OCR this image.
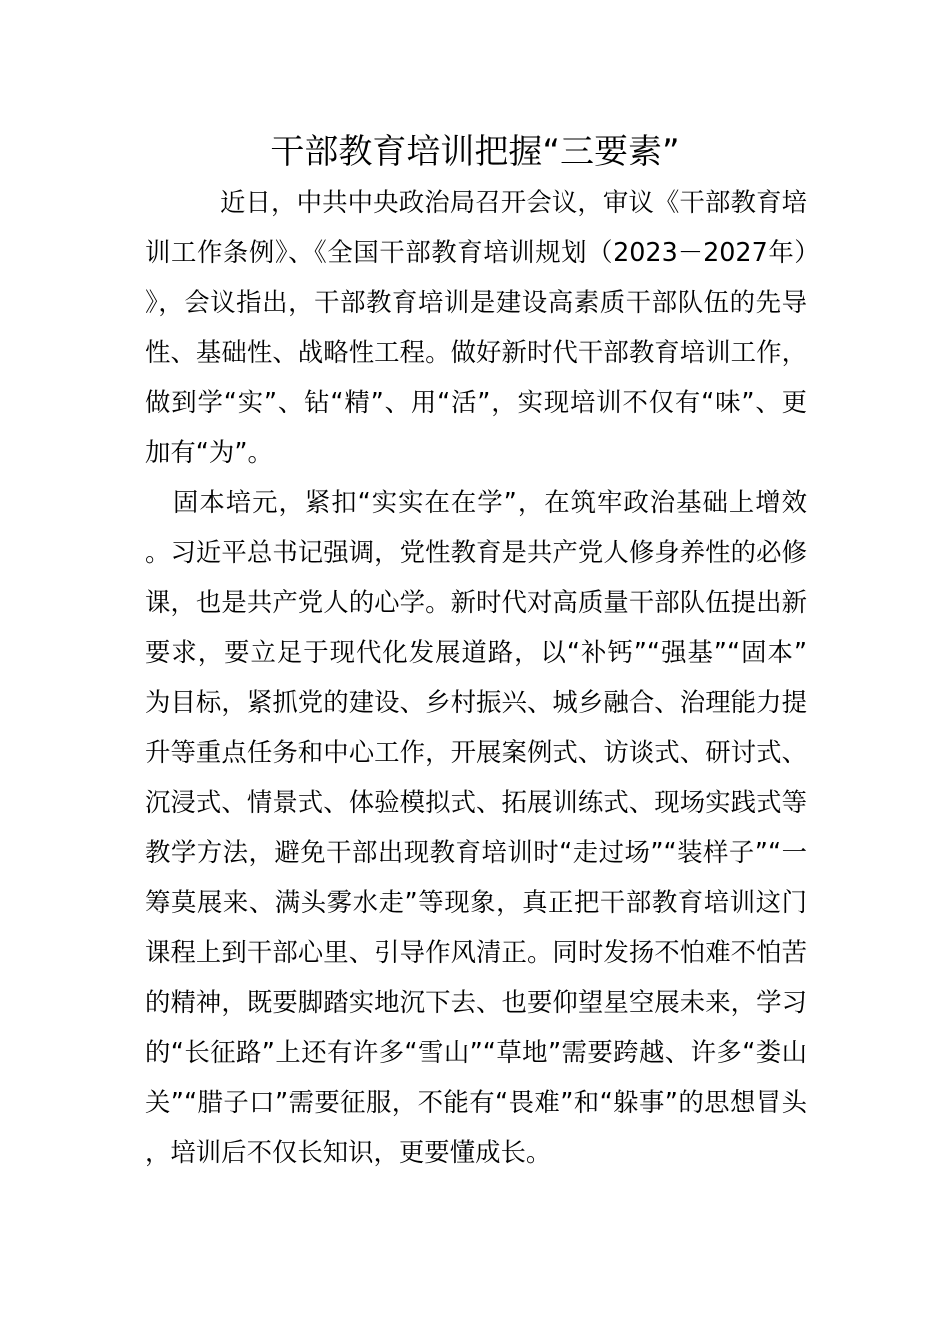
干部教育培训把握“三要素”

近日，中共中央政治局召开会议，审议《干部教育培训工作条例》、《全国干部教育培训规划（2023－2027年）》，会议指出，干部教育培训是建设高素质干部队伍的先导性、基础性、战略性工程。做好新时代干部教育培训工作，做到学“实”、钻“精”、用“活”，实现培训不仅有“味”、更加有“为”。

固本培元，紧扣“实实在在学”，在筑牢政治基础上增效。习近平总书记强调，党性教育是共产党人修身养性的必修课，也是共产党人的心学。新时代对高质量干部队伍提出新要求，要立足于现代化发展道路，以“补钙”“强基”“固本”为目标，紧抓党的建设、乡村振兴、城乡融合、治理能力提升等重点任务和中心工作，开展案例式、访谈式、研讨式、沉浸式、情景式、体验模拟式、拓展训练式、现场实践式等教学方法，避免干部出现教育培训时“走过场”“装样子”“一筹莫展来、满头雾水走”等现象，真正把干部教育培训这门课程上到干部心里、引导作风清正。同时发扬不怕难不怕苦的精神，既要脚踏实地沉下去、也要仰望星空展未来，学习的“长征路”上还有许多“雪山”“草地”需要跨越、许多“娄山关”“腊子口”需要征服，不能有“畏难”和“躲事”的思想冒头，培训后不仅长知识，更要懂成长。
